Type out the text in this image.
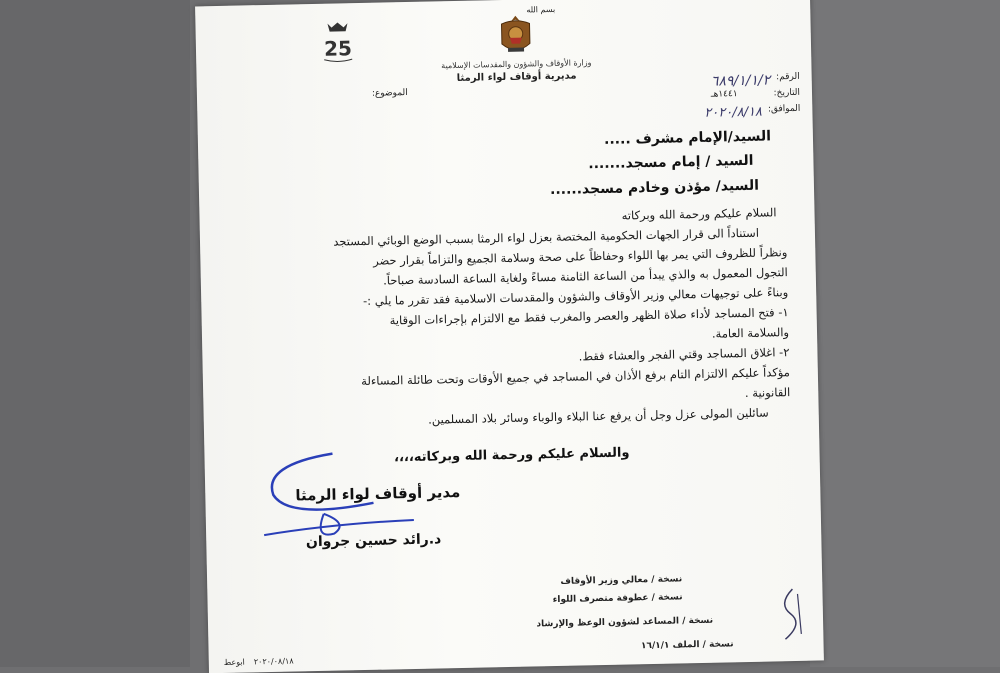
بسم الله
25
وزارة الأوقاف والشؤون والمقدسات الإسلامية
مديرية أوقاف لواء الرمثا	الرقم:
٦٨٩/١/١/٢
التاريخ:
١٤٤١هـ
الموافق:
٢٠٢٠/٨/١٨
الموضوع:
السيد/الإمام مشرف .....
السيد / إمام مسجد.......
السيد/ مؤذن وخادم مسجد......
السلام عليكم ورحمة الله وبركاته
استناداً الى قرار الجهات الحكومية المختصة بعزل لواء الرمثا بسبب الوضع الوبائي المستجد
ونظراً للظروف التي يمر بها اللواء وحفاظاً على صحة وسلامة الجميع والتزاماً بقرار حضر
التجول المعمول به والذي يبدأ من الساعة الثامنة مساءً ولغاية الساعة السادسة صباحاً.
وبناءً على توجيهات معالي وزير الأوقاف والشؤون والمقدسات الاسلامية فقد تقرر ما يلي :-
١- فتح المساجد لأداء صلاة الظهر والعصر والمغرب فقط مع الالتزام بإجراءات الوقاية
والسلامة العامة.
٢- اغلاق المساجد وقتي الفجر والعشاء فقط.
مؤكداً عليكم الالتزام التام برفع الأذان في المساجد في جميع الأوقات وتحت طائلة المساءلة
القانونية .
سائلين المولى عزل وجل أن يرفع عنا البلاء والوباء وسائر بلاد المسلمين.
والسلام عليكم ورحمة الله وبركاته،،،،
مدير أوقاف لواء الرمثا
د.رائد حسين جروان
نسخة / معالي وزير الأوقاف
نسخة / عطوفة متصرف اللواء
نسخة / المساعد لشؤون الوعظ والإرشاد
نسخة / الملف ١٦/١/١
ابوعط ٢٠٢٠/٠٨/١٨
